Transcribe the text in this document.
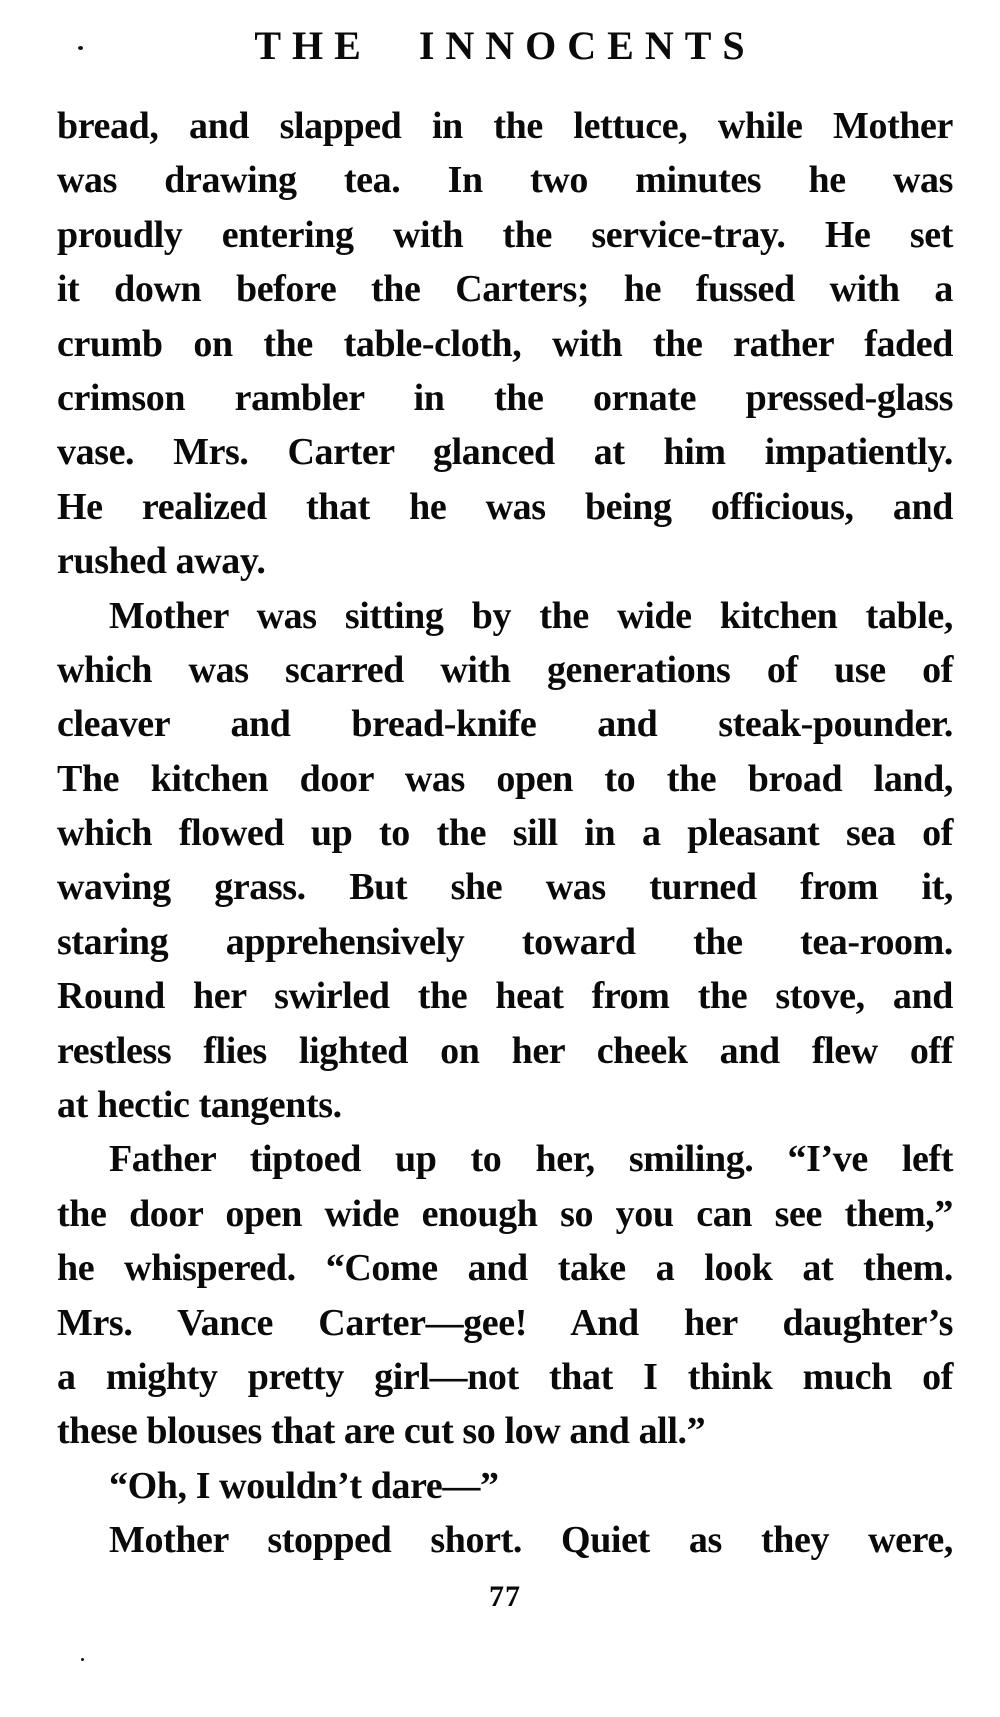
THE INNOCENTS
bread, and slapped in the lettuce, while Mother
was drawing tea. In two minutes he was
proudly entering with the service-tray. He set
it down before the Carters; he fussed with a
crumb on the table-cloth, with the rather faded
crimson rambler in the ornate pressed-glass
vase. Mrs. Carter glanced at him impatiently.
He realized that he was being officious, and
rushed away.
Mother was sitting by the wide kitchen table,
which was scarred with generations of use of
cleaver and bread-knife and steak-pounder.
The kitchen door was open to the broad land,
which flowed up to the sill in a pleasant sea of
waving grass. But she was turned from it,
staring apprehensively toward the tea-room.
Round her swirled the heat from the stove, and
restless flies lighted on her cheek and flew off
at hectic tangents.
Father tiptoed up to her, smiling. “I’ve left
the door open wide enough so you can see them,”
he whispered. “Come and take a look at them.
Mrs. Vance Carter—gee! And her daughter’s
a mighty pretty girl—not that I think much of
these blouses that are cut so low and all.”
“Oh, I wouldn’t dare—”
Mother stopped short. Quiet as they were,
77
